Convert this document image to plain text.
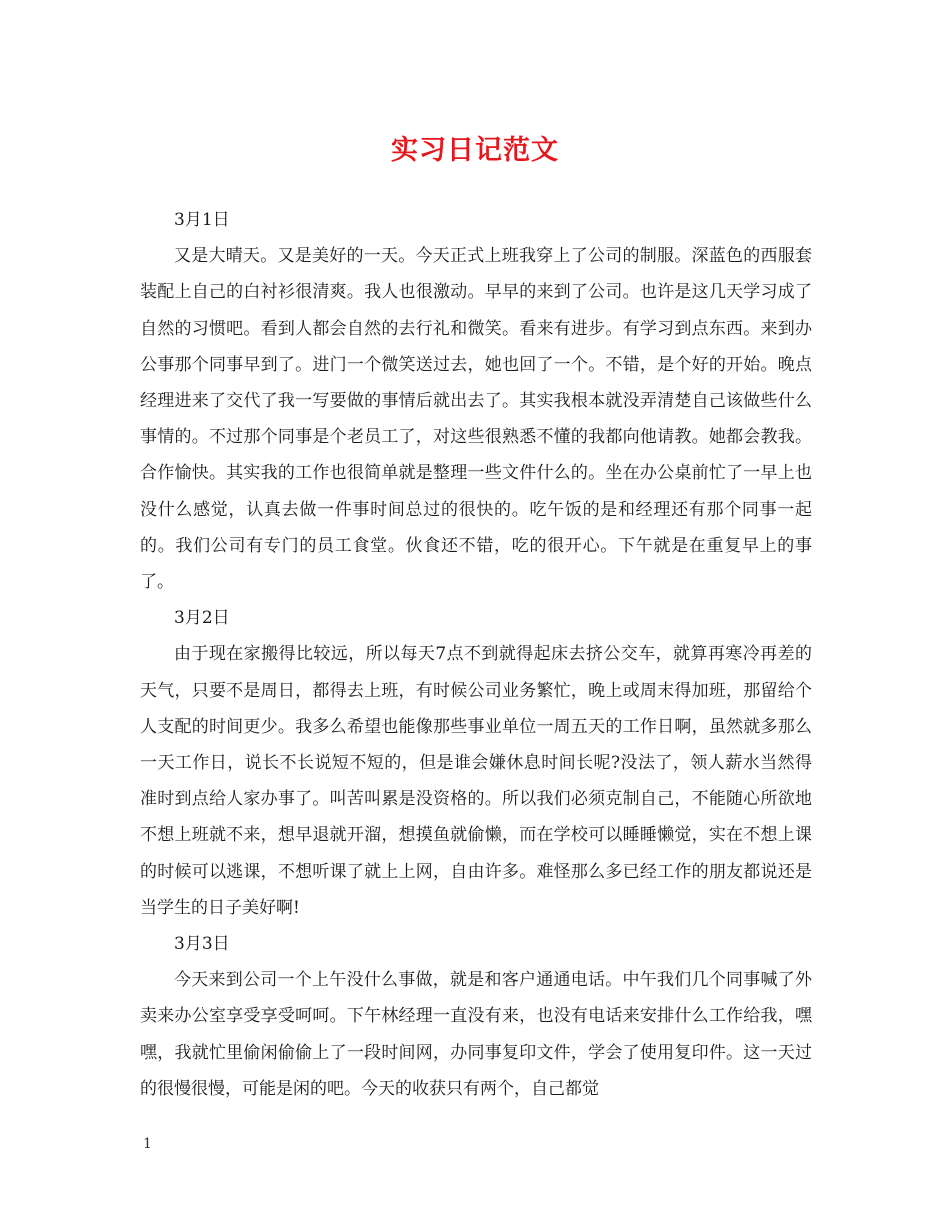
实习日记范文

3月1日

又是大晴天。又是美好的一天。今天正式上班我穿上了公司的制服。深蓝色的西服套装配上自己的白衬衫很清爽。我人也很激动。早早的来到了公司。也许是这几天学习成了自然的习惯吧。看到人都会自然的去行礼和微笑。看来有进步。有学习到点东西。来到办公事那个同事早到了。进门一个微笑送过去，她也回了一个。不错，是个好的开始。晚点经理进来了交代了我一写要做的事情后就出去了。其实我根本就没弄清楚自己该做些什么事情的。不过那个同事是个老员工了，对这些很熟悉不懂的我都向他请教。她都会教我。合作愉快。其实我的工作也很简单就是整理一些文件什么的。坐在办公桌前忙了一早上也没什么感觉，认真去做一件事时间总过的很快的。吃午饭的是和经理还有那个同事一起的。我们公司有专门的员工食堂。伙食还不错，吃的很开心。下午就是在重复早上的事了。

3月2日

由于现在家搬得比较远，所以每天7点不到就得起床去挤公交车，就算再寒冷再差的天气，只要不是周日，都得去上班，有时候公司业务繁忙，晚上或周末得加班，那留给个人支配的时间更少。我多么希望也能像那些事业单位一周五天的工作日啊，虽然就多那么一天工作日，说长不长说短不短的，但是谁会嫌休息时间长呢?没法了，领人薪水当然得准时到点给人家办事了。叫苦叫累是没资格的。所以我们必须克制自己，不能随心所欲地不想上班就不来，想早退就开溜，想摸鱼就偷懒，而在学校可以睡睡懒觉，实在不想上课的时候可以逃课，不想听课了就上上网，自由许多。难怪那么多已经工作的朋友都说还是当学生的日子美好啊!

3月3日

今天来到公司一个上午没什么事做，就是和客户通通电话。中午我们几个同事喊了外卖来办公室享受享受呵呵。下午林经理一直没有来，也没有电话来安排什么工作给我，嘿嘿，我就忙里偷闲偷偷上了一段时间网，办同事复印文件，学会了使用复印件。这一天过的很慢很慢，可能是闲的吧。今天的收获只有两个，自己都觉

1
